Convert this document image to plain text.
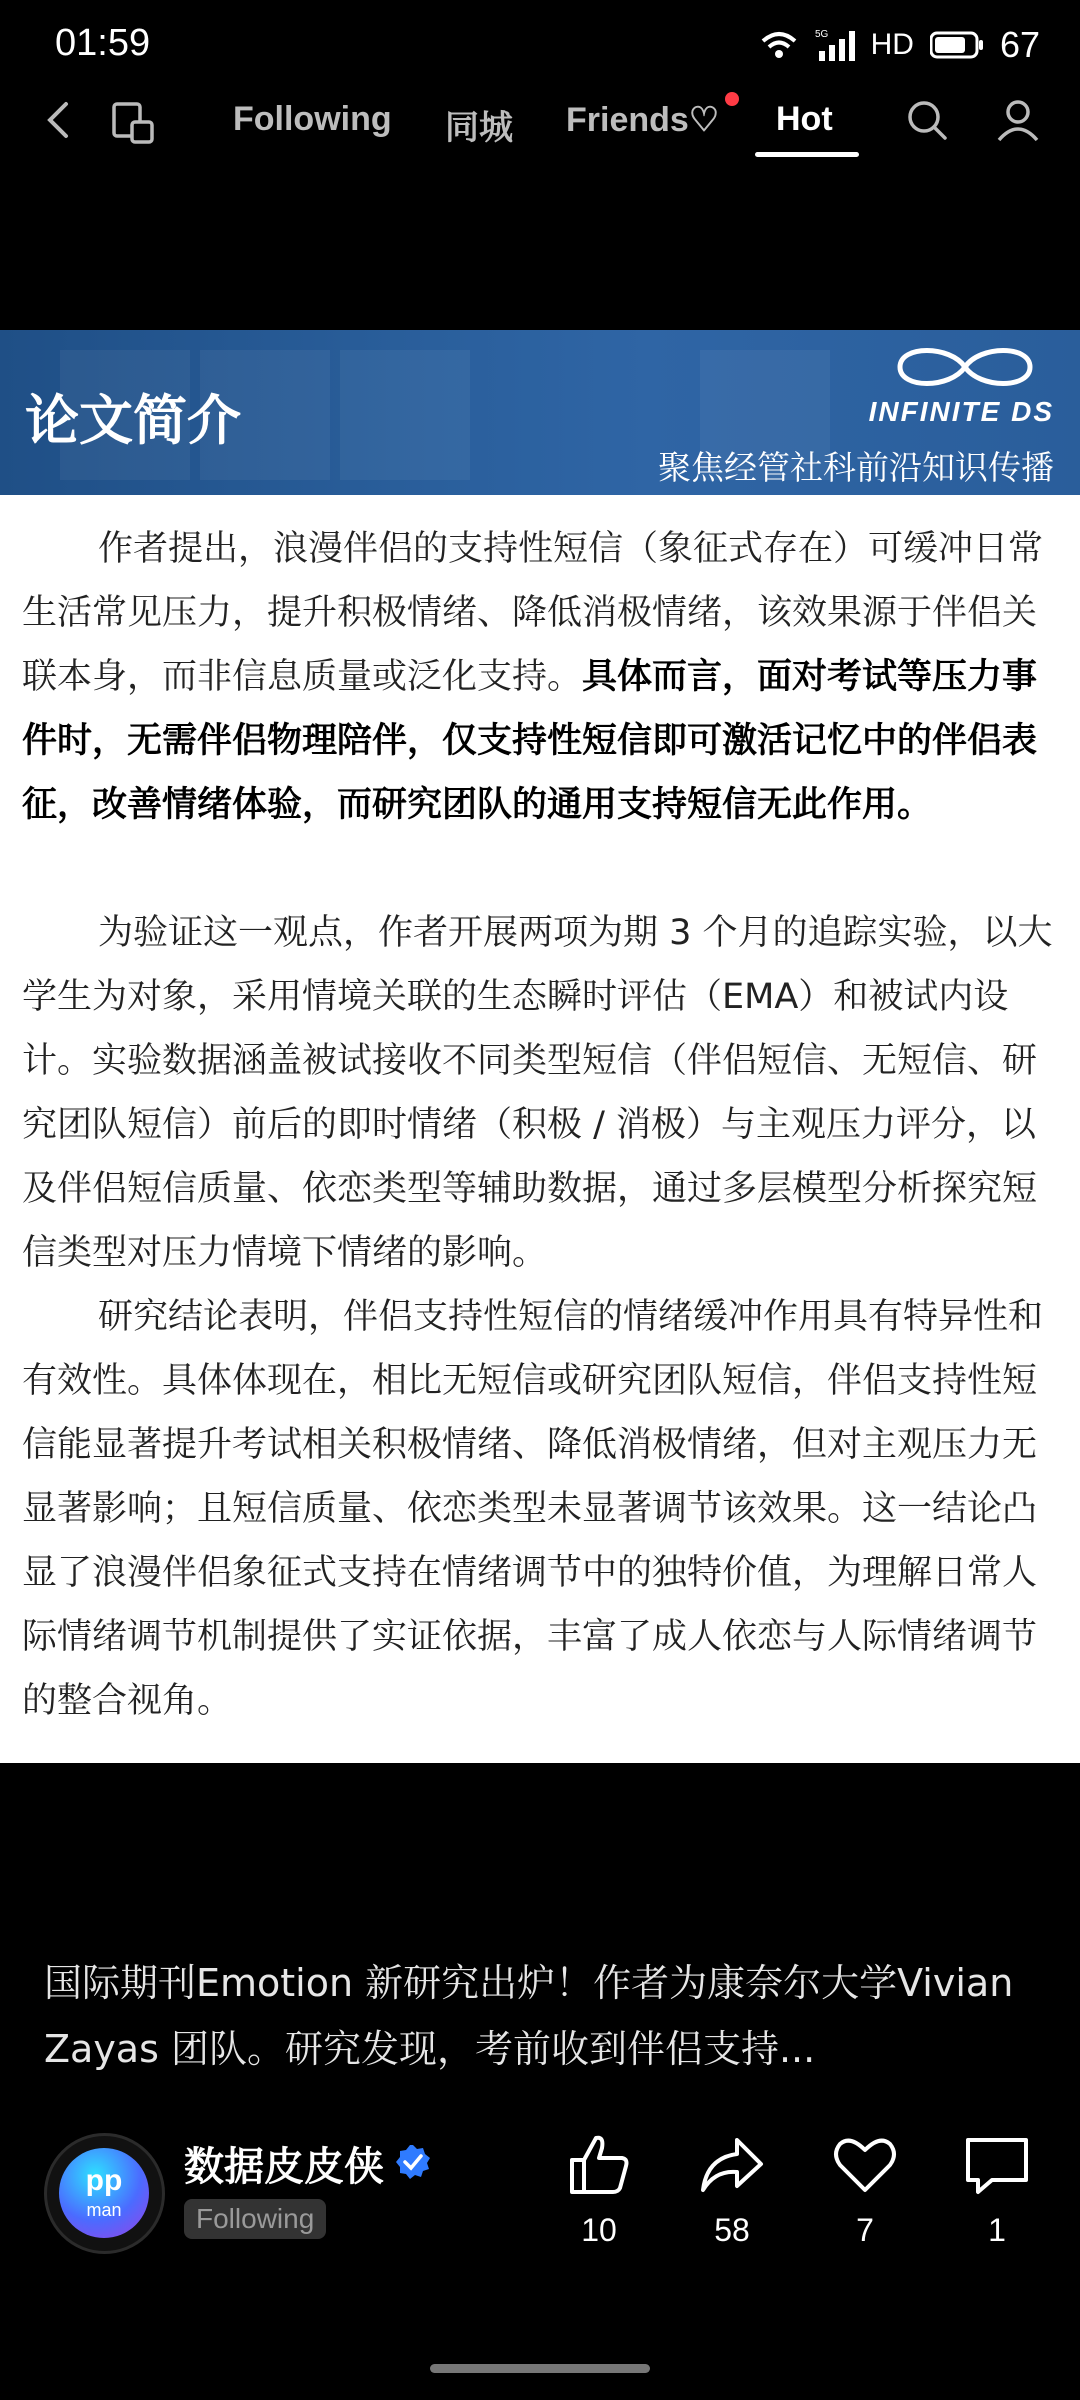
01:59	5G HD 67
Following 同城 Friends♡ Hot
论文简介	INFINITE DS
聚焦经管社科前沿知识传播
作者提出，浪漫伴侣的支持性短信（象征式存在）可缓冲日常生活常见压力，提升积极情绪、降低消极情绪，该效果源于伴侣关联本身，而非信息质量或泛化支持。具体而言，面对考试等压力事件时，无需伴侣物理陪伴，仅支持性短信即可激活记忆中的伴侣表征，改善情绪体验，而研究团队的通用支持短信无此作用。
为验证这一观点，作者开展两项为期 3 个月的追踪实验，以大学生为对象，采用情境关联的生态瞬时评估（EMA）和被试内设计。实验数据涵盖被试接收不同类型短信（伴侣短信、无短信、研究团队短信）前后的即时情绪（积极 / 消极）与主观压力评分，以及伴侣短信质量、依恋类型等辅助数据，通过多层模型分析探究短信类型对压力情境下情绪的影响。
研究结论表明，伴侣支持性短信的情绪缓冲作用具有特异性和有效性。具体体现在，相比无短信或研究团队短信，伴侣支持性短信能显著提升考试相关积极情绪、降低消极情绪，但对主观压力无显著影响；且短信质量、依恋类型未显著调节该效果。这一结论凸显了浪漫伴侣象征式支持在情绪调节中的独特价值，为理解日常人际情绪调节机制提供了实证依据，丰富了成人依恋与人际情绪调节的整合视角。
国际期刊Emotion 新研究出炉！作者为康奈尔大学Vivian Zayas 团队。研究发现，考前收到伴侣支持...
pp
man
数据皮皮侠
Following	10	58	7	1
